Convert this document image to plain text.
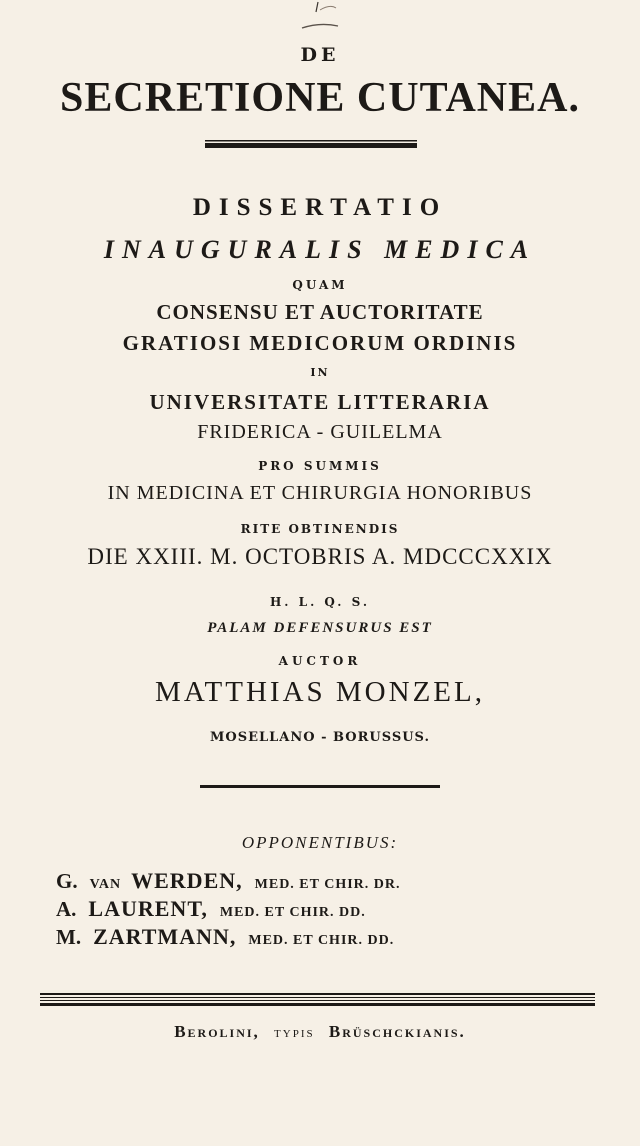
DE
SECRETIONE CUTANEA.
DISSERTATIO
INAUGURALIS MEDICA
QUAM
CONSENSU ET AUCTORITATE
GRATIOSI MEDICORUM ORDINIS
IN
UNIVERSITATE LITTERARIA
FRIDERICA - GUILELMA
PRO SUMMIS
IN MEDICINA ET CHIRURGIA HONORIBUS
RITE OBTINENDIS
DIE XXIII. M. OCTOBRIS A. MDCCCXXIX
H. L. Q. S.
PALAM DEFENSURUS EST
AUCTOR
MATTHIAS MONZEL,
MOSELLANO - BORUSSUS.
OPPONENTIBUS:
G. VAN WERDEN, MED. ET CHIR. DR.
A. LAURENT, MED. ET CHIR. DD.
M. ZARTMANN, MED. ET CHIR. DD.
Berolini, typis Brüschckianis.
